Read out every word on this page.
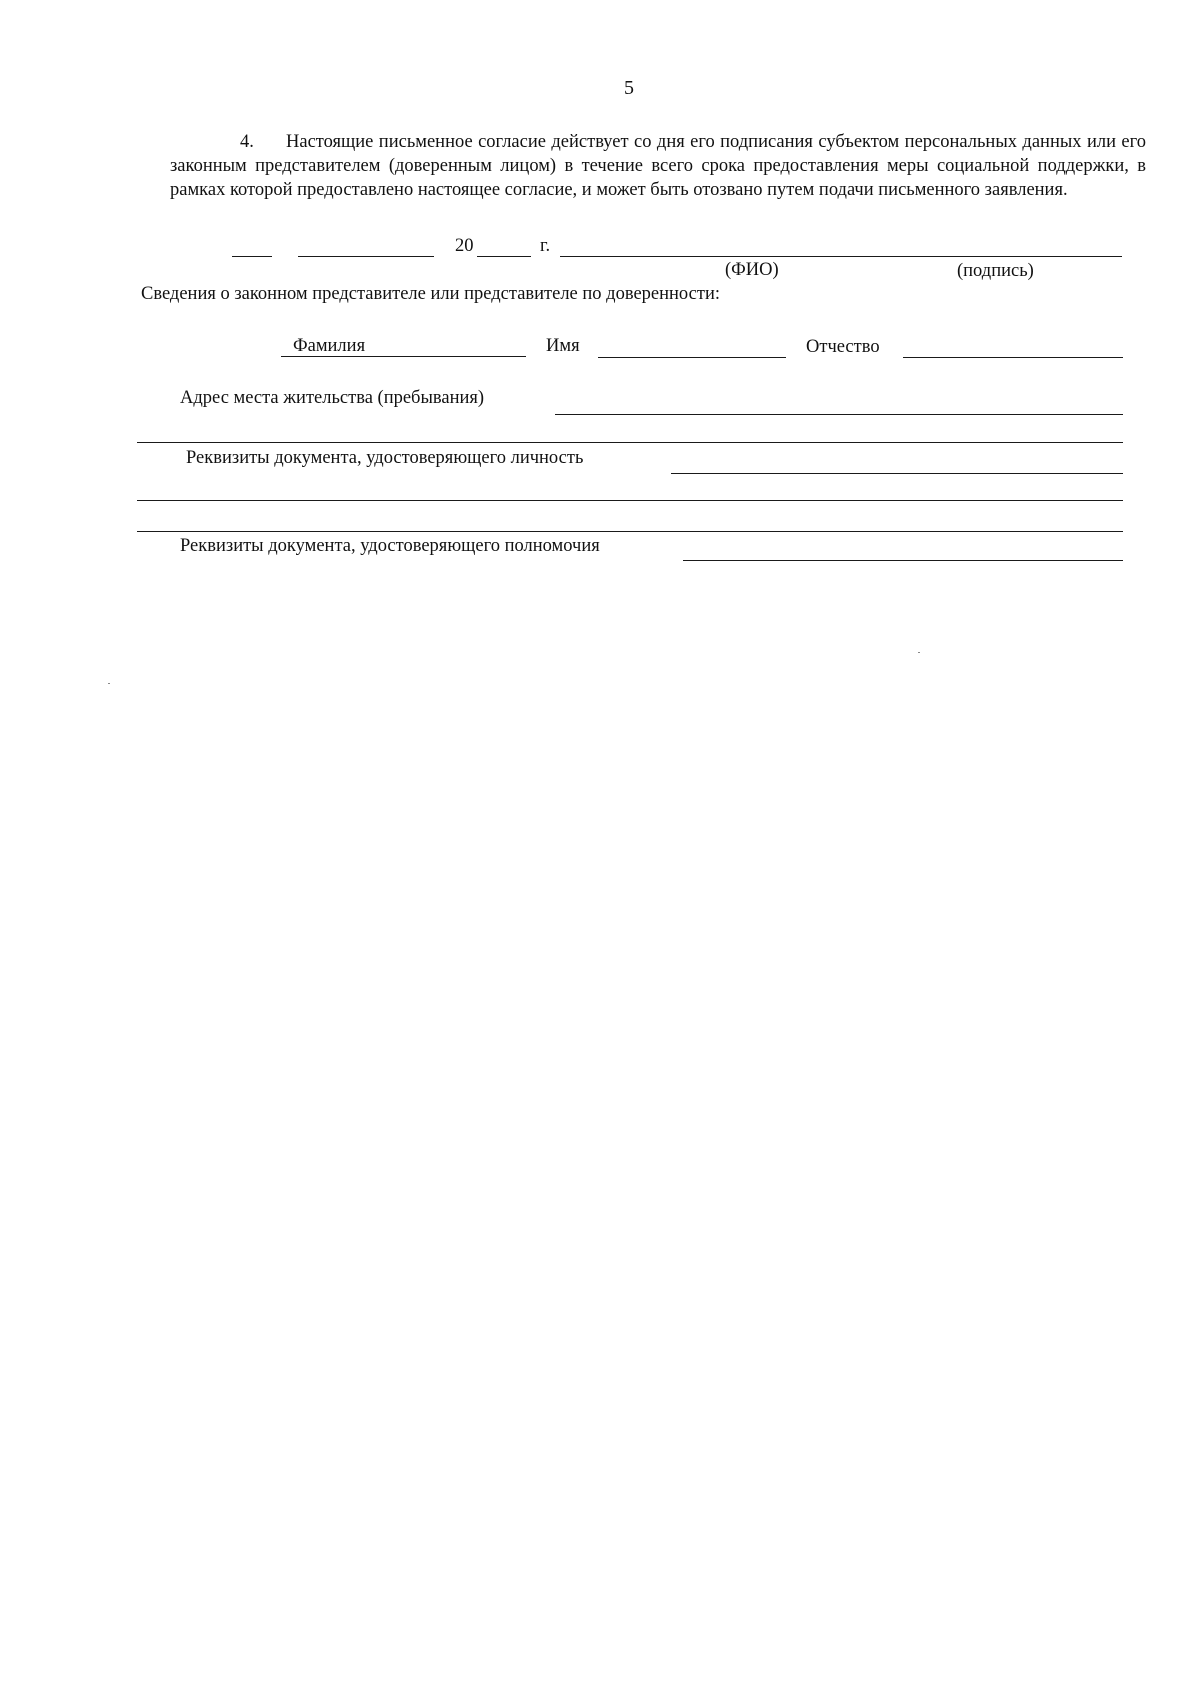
5
4. Настоящие письменное согласие действует со дня его подписания субъектом персональных данных или его законным представителем (доверенным лицом) в течение всего срока предоставления меры социальной поддержки, в рамках которой предоставлено настоящее согласие, и может быть отозвано путем подачи письменного заявления.
20	г.
(ФИО)	(подпись)
Сведения о законном представителе или представителе по доверенности:
Фамилия	Имя	Отчество
Адрес места жительства (пребывания)
Реквизиты документа, удостоверяющего личность
Реквизиты документа, удостоверяющего полномочия
